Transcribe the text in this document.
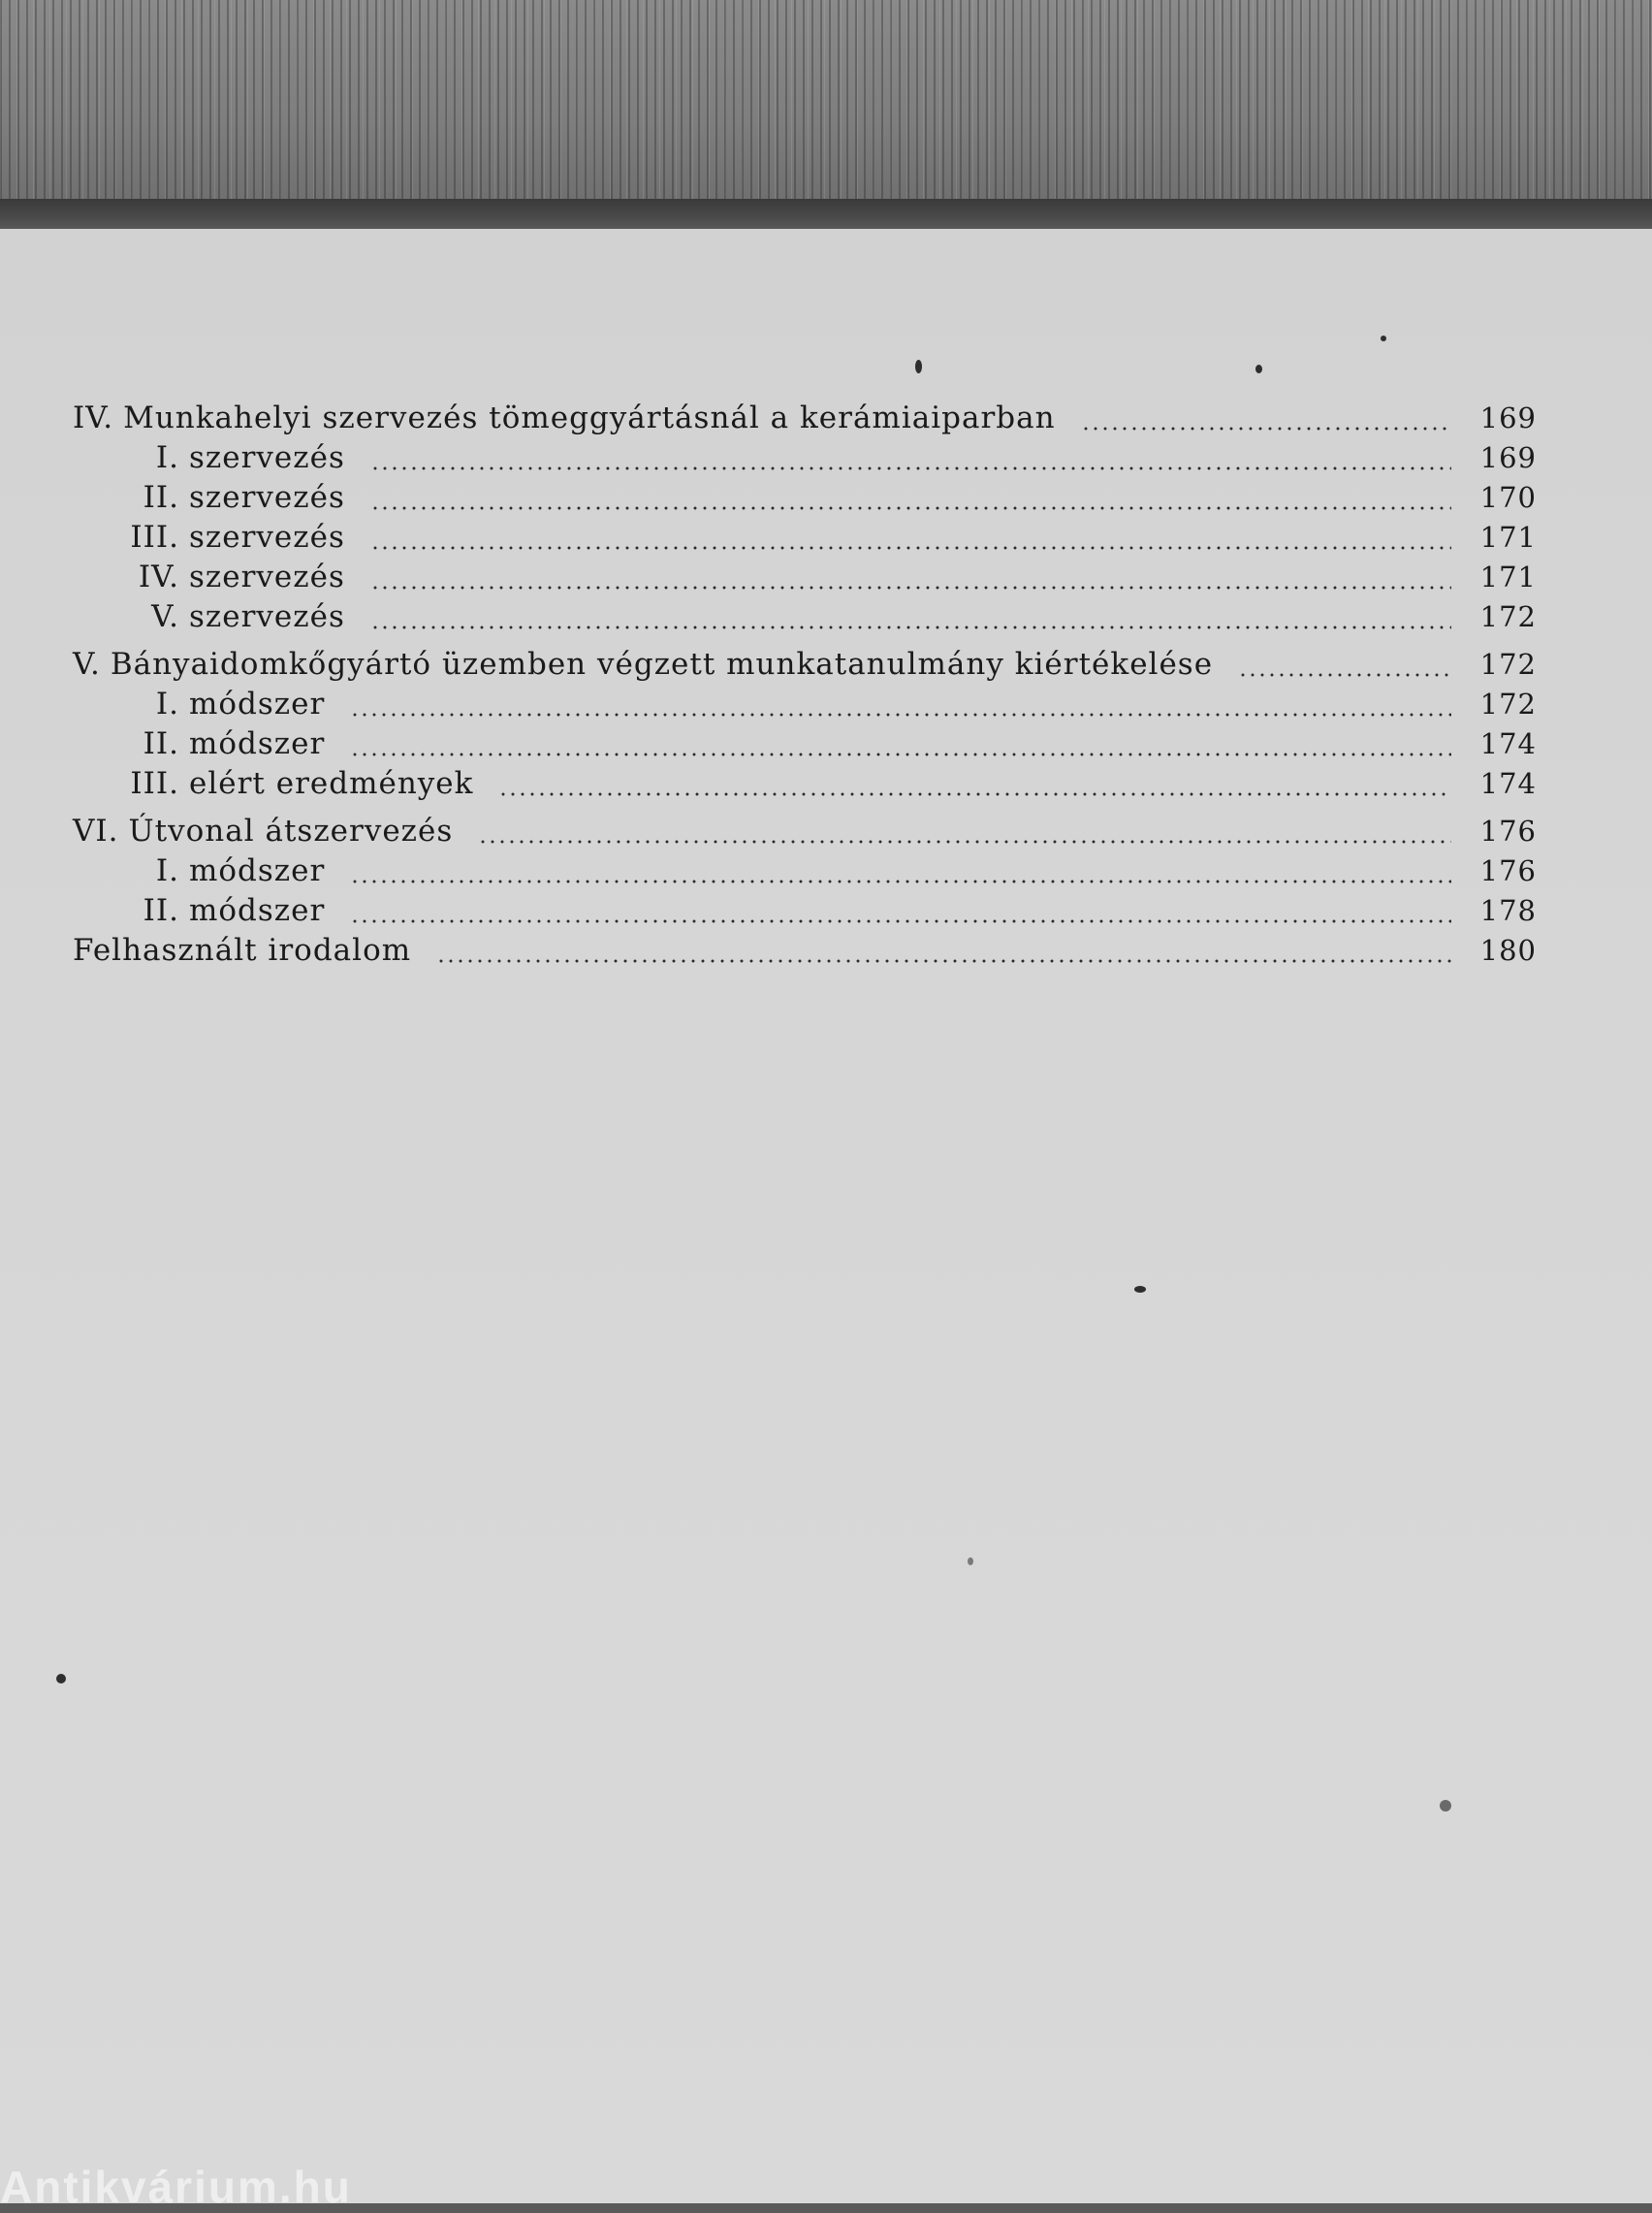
IV. Munkahelyi szervezés tömeggyártásnál a kerámiaiparban	169
I. szervezés	169
II. szervezés	170
III. szervezés	171
IV. szervezés	171
V. szervezés	172
V. Bányaidomkőgyártó üzemben végzett munkatanulmány kiértékelése	172
I. módszer	172
II. módszer	174
III. elért eredmények	174
VI. Útvonal átszervezés	176
I. módszer	176
II. módszer	178
Felhasznált irodalom	180
Antikvárium.hu
